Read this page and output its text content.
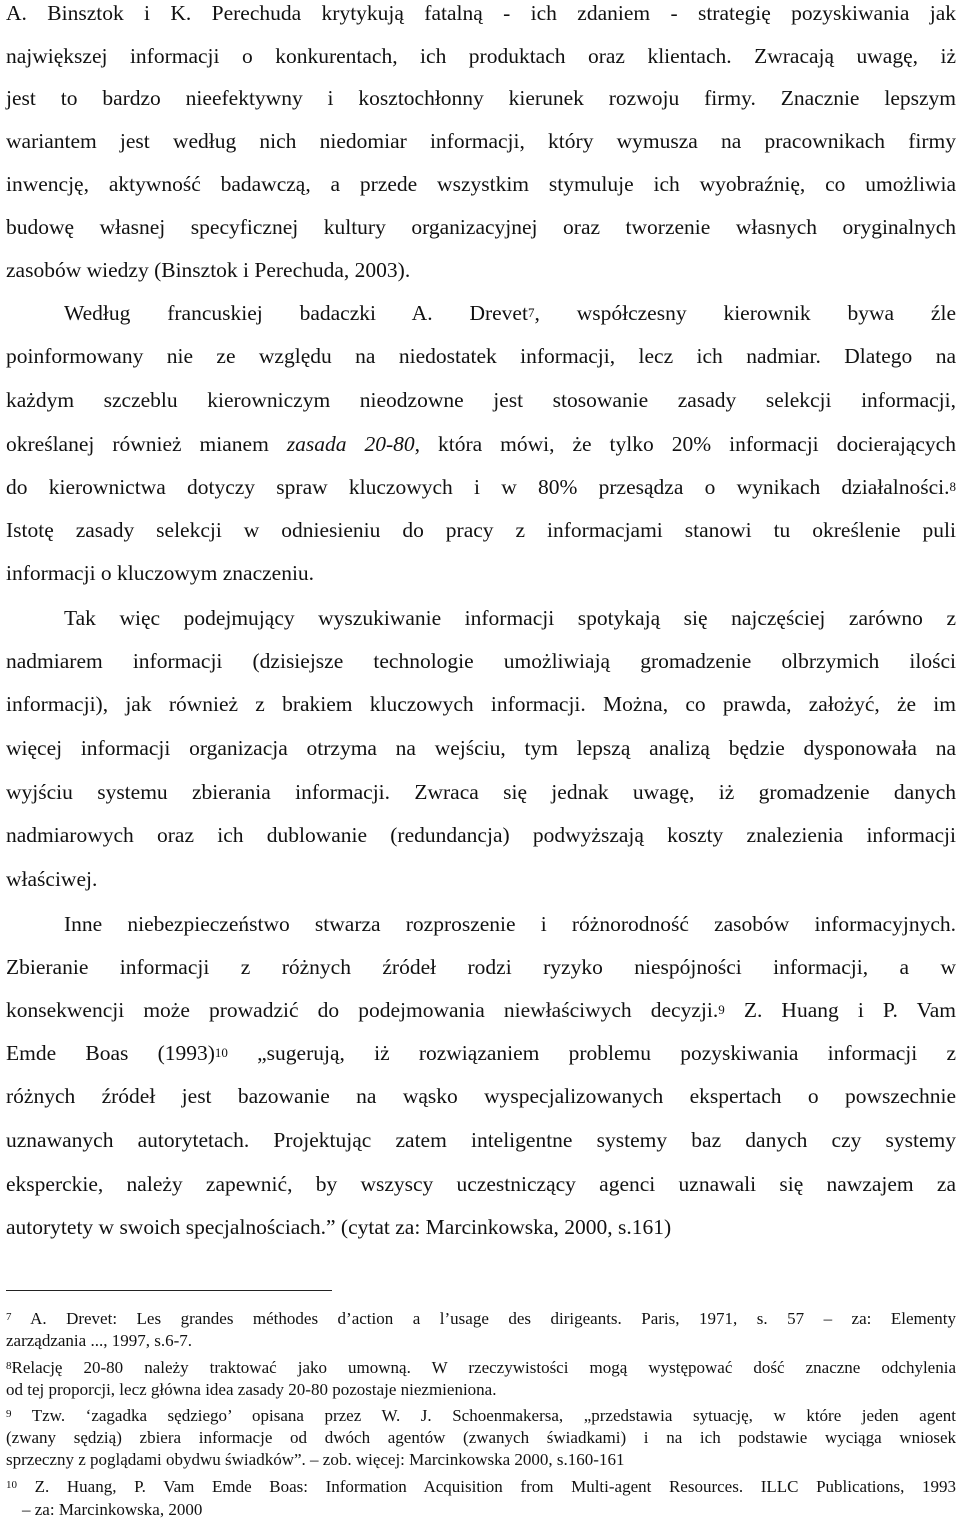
A. Binsztok i K. Perechuda krytykują fatalną - ich zdaniem - strategię pozyskiwania jak
największej informacji o konkurentach, ich produktach oraz klientach. Zwracają uwagę, iż
jest to bardzo nieefektywny i kosztochłonny kierunek rozwoju firmy. Znacznie lepszym
wariantem jest według nich niedomiar informacji, który wymusza na pracownikach firmy
inwencję, aktywność badawczą, a przede wszystkim stymuluje ich wyobraźnię, co umożliwia
budowę własnej specyficznej kultury organizacyjnej oraz tworzenie własnych oryginalnych
zasobów wiedzy (Binsztok i Perechuda, 2003).
Według francuskiej badaczki A. Drevet$^7$, współczesny kierownik bywa źle
poinformowany nie ze względu na niedostatek informacji, lecz ich nadmiar. Dlatego na
każdym szczeblu kierowniczym nieodzowne jest stosowanie zasady selekcji informacji,
określanej również mianem zasada 20-80, która mówi, że tylko 20% informacji docierających
do kierownictwa dotyczy spraw kluczowych i w 80% przesądza o wynikach działalności.$^8$
Istotę zasady selekcji w odniesieniu do pracy z informacjami stanowi tu określenie puli
informacji o kluczowym znaczeniu.
Tak więc podejmujący wyszukiwanie informacji spotykają się najczęściej zarówno z
nadmiarem informacji (dzisiejsze technologie umożliwiają gromadzenie olbrzymich ilości
informacji), jak również z brakiem kluczowych informacji. Można, co prawda, założyć, że im
więcej informacji organizacja otrzyma na wejściu, tym lepszą analizą będzie dysponowała na
wyjściu systemu zbierania informacji. Zwraca się jednak uwagę, iż gromadzenie danych
nadmiarowych oraz ich dublowanie (redundancja) podwyższają koszty znalezienia informacji
właściwej.
Inne niebezpieczeństwo stwarza rozproszenie i różnorodność zasobów informacyjnych.
Zbieranie informacji z różnych źródeł rodzi ryzyko niespójności informacji, a w
konsekwencji może prowadzić do podejmowania niewłaściwych decyzji.$^9$ Z. Huang i P. Vam
Emde Boas $(1993)^{10}$ „sugerują, iż rozwiązaniem problemu pozyskiwania informacji z
różnych źródeł jest bazowanie na wąsko wyspecjalizowanych ekspertach o powszechnie
uznawanych autorytetach. Projektując zatem inteligentne systemy baz danych czy systemy
eksperckie, należy zapewnić, by wszyscy uczestniczący agenci uznawali się nawzajem za
autorytety w swoich specjalnościach.” (cytat za: Marcinkowska, 2000, s.161)
$^7$ A. Drevet: Les grandes méthodes d’action a l’usage des dirigeants. Paris, 1971, s. 57 – za: Elementy
zarządzania ..., 1997, s.6-7.
$^8$Relację 20-80 należy traktować jako umowną. W rzeczywistości mogą występować dość znaczne odchylenia
od tej proporcji, lecz główna idea zasady 20-80 pozostaje niezmieniona.
$^9$ Tzw. ‘zagadka sędziego’ opisana przez W. J. Schoenmakersa, „przedstawia sytuację, w które jeden agent
(zwany sędzią) zbiera informacje od dwóch agentów (zwanych świadkami) i na ich podstawie wyciąga wniosek
sprzeczny z poglądami obydwu świadków”. – zob. więcej: Marcinkowska 2000, s.160-161
$^{10}$ Z. Huang, P. Vam Emde Boas: Information Acquisition from Multi-agent Resources. ILLC Publications, 1993
– za: Marcinkowska, 2000
